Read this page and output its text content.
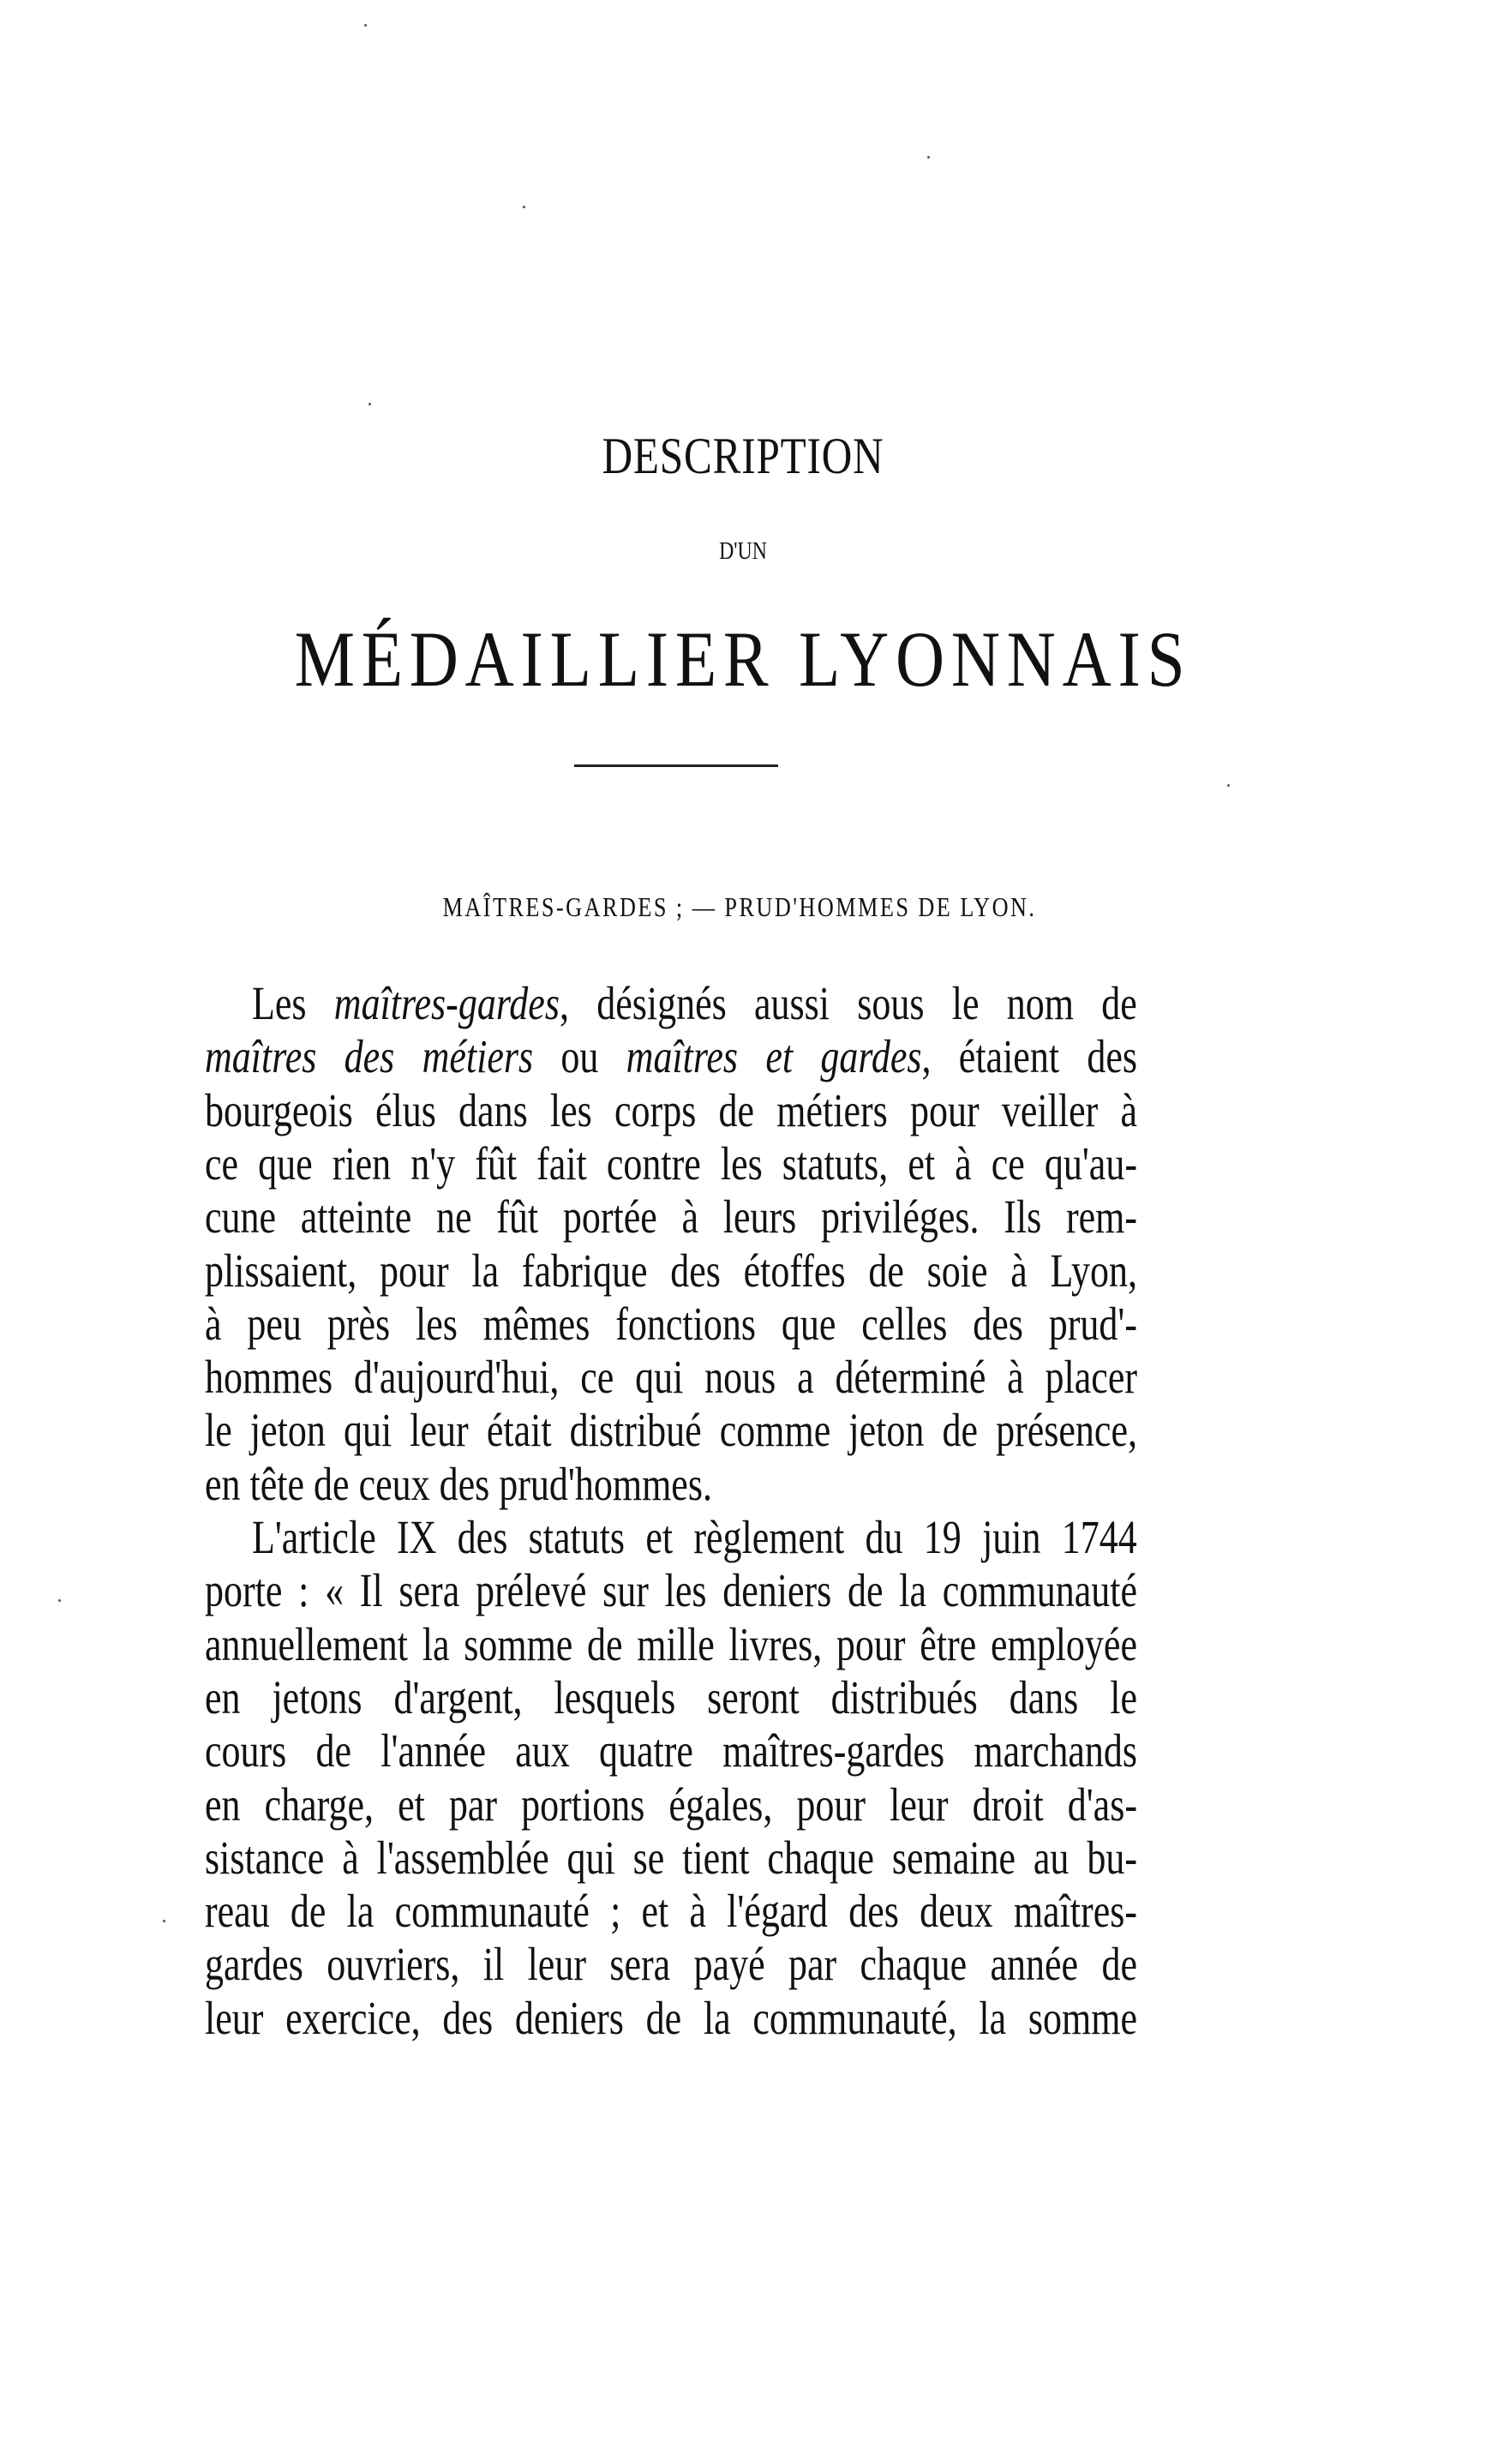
DESCRIPTION
D'UN
MÉDAILLIER LYONNAIS
MAÎTRES-GARDES ; — PRUD'HOMMES DE LYON.
Les maîtres-gardes, désignés aussi sous le nom de
maîtres des métiers ou maîtres et gardes, étaient des
bourgeois élus dans les corps de métiers pour veiller à
ce que rien n'y fût fait contre les statuts, et à ce qu'au-
cune atteinte ne fût portée à leurs priviléges. Ils rem-
plissaient, pour la fabrique des étoffes de soie à Lyon,
à peu près les mêmes fonctions que celles des prud'-
hommes d'aujourd'hui, ce qui nous a déterminé à placer
le jeton qui leur était distribué comme jeton de présence,
en tête de ceux des prud'hommes.
L'article IX des statuts et règlement du 19 juin 1744
porte : « Il sera prélevé sur les deniers de la communauté
annuellement la somme de mille livres, pour être employée
en jetons d'argent, lesquels seront distribués dans le
cours de l'année aux quatre maîtres-gardes marchands
en charge, et par portions égales, pour leur droit d'as-
sistance à l'assemblée qui se tient chaque semaine au bu-
reau de la communauté ; et à l'égard des deux maîtres-
gardes ouvriers, il leur sera payé par chaque année de
leur exercice, des deniers de la communauté, la somme
